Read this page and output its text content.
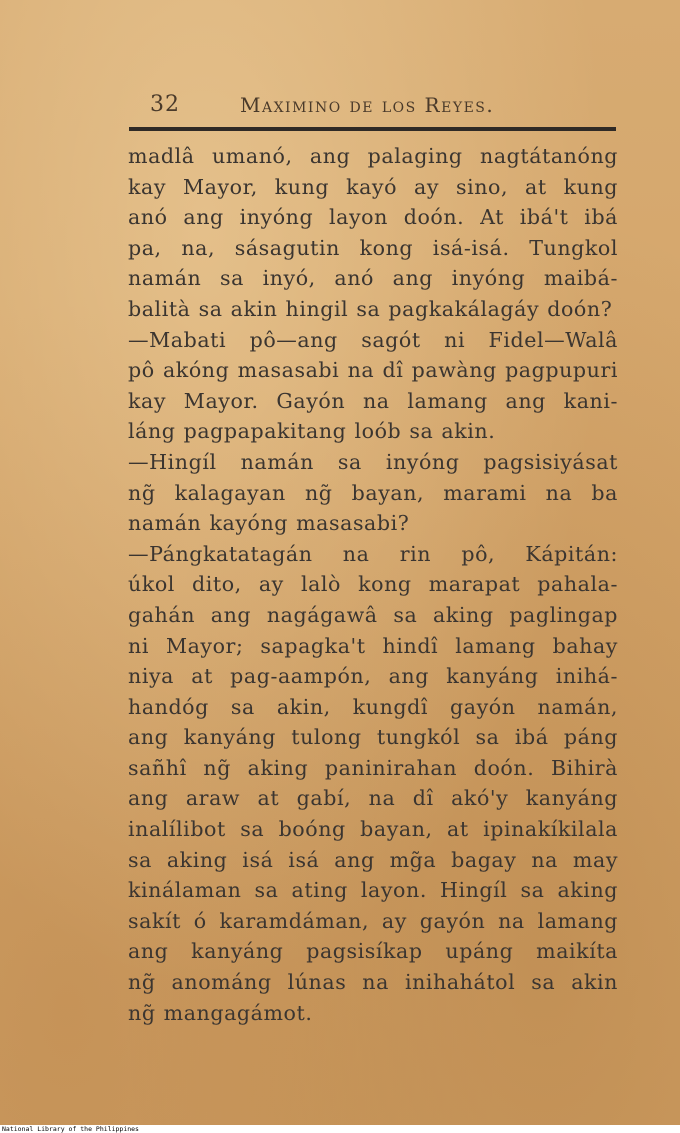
32	Maximino de los Reyes.
madlâ umanó, ang palaging nagtátanóng
kay Mayor, kung kayó ay sino, at kung
anó ang inyóng layon doón. At ibá't ibá
pa, na, sásagutin kong isá-isá. Tungkol
namán sa inyó, anó ang inyóng maibá-
balità sa akin hingil sa pagkakálagáy doón?
—Mabati pô—ang sagót ni Fidel—Walâ
pô akóng masasabi na dî pawàng pagpupuri
kay Mayor. Gayón na lamang ang kani-
láng pagpapakitang loób sa akin.
—Hingíl namán sa inyóng pagsisiyásat
ng̃ kalagayan ng̃ bayan, marami na ba
namán kayóng masasabi?
—Pángkatatagán na rin pô, Kápitán:
úkol dito, ay lalò kong marapat pahala-
gahán ang nagágawâ sa aking paglingap
ni Mayor; sapagka't hindî lamang bahay
niya at pag-aampón, ang kanyáng inihá-
handóg sa akin, kungdî gayón namán,
ang kanyáng tulong tungkól sa ibá páng
sañhî ng̃ aking paninirahan doón. Bihirà
ang araw at gabí, na dî akó'y kanyáng
inalílibot sa boóng bayan, at ipinakíkilala
sa aking isá isá ang mg̃a bagay na may
kinálaman sa ating layon. Hingíl sa aking
sakít ó karamdáman, ay gayón na lamang
ang kanyáng pagsisíkap upáng maikíta
ng̃ anománg lúnas na inihahátol sa akin
ng̃ mangagámot.
National Library of the Philippines
